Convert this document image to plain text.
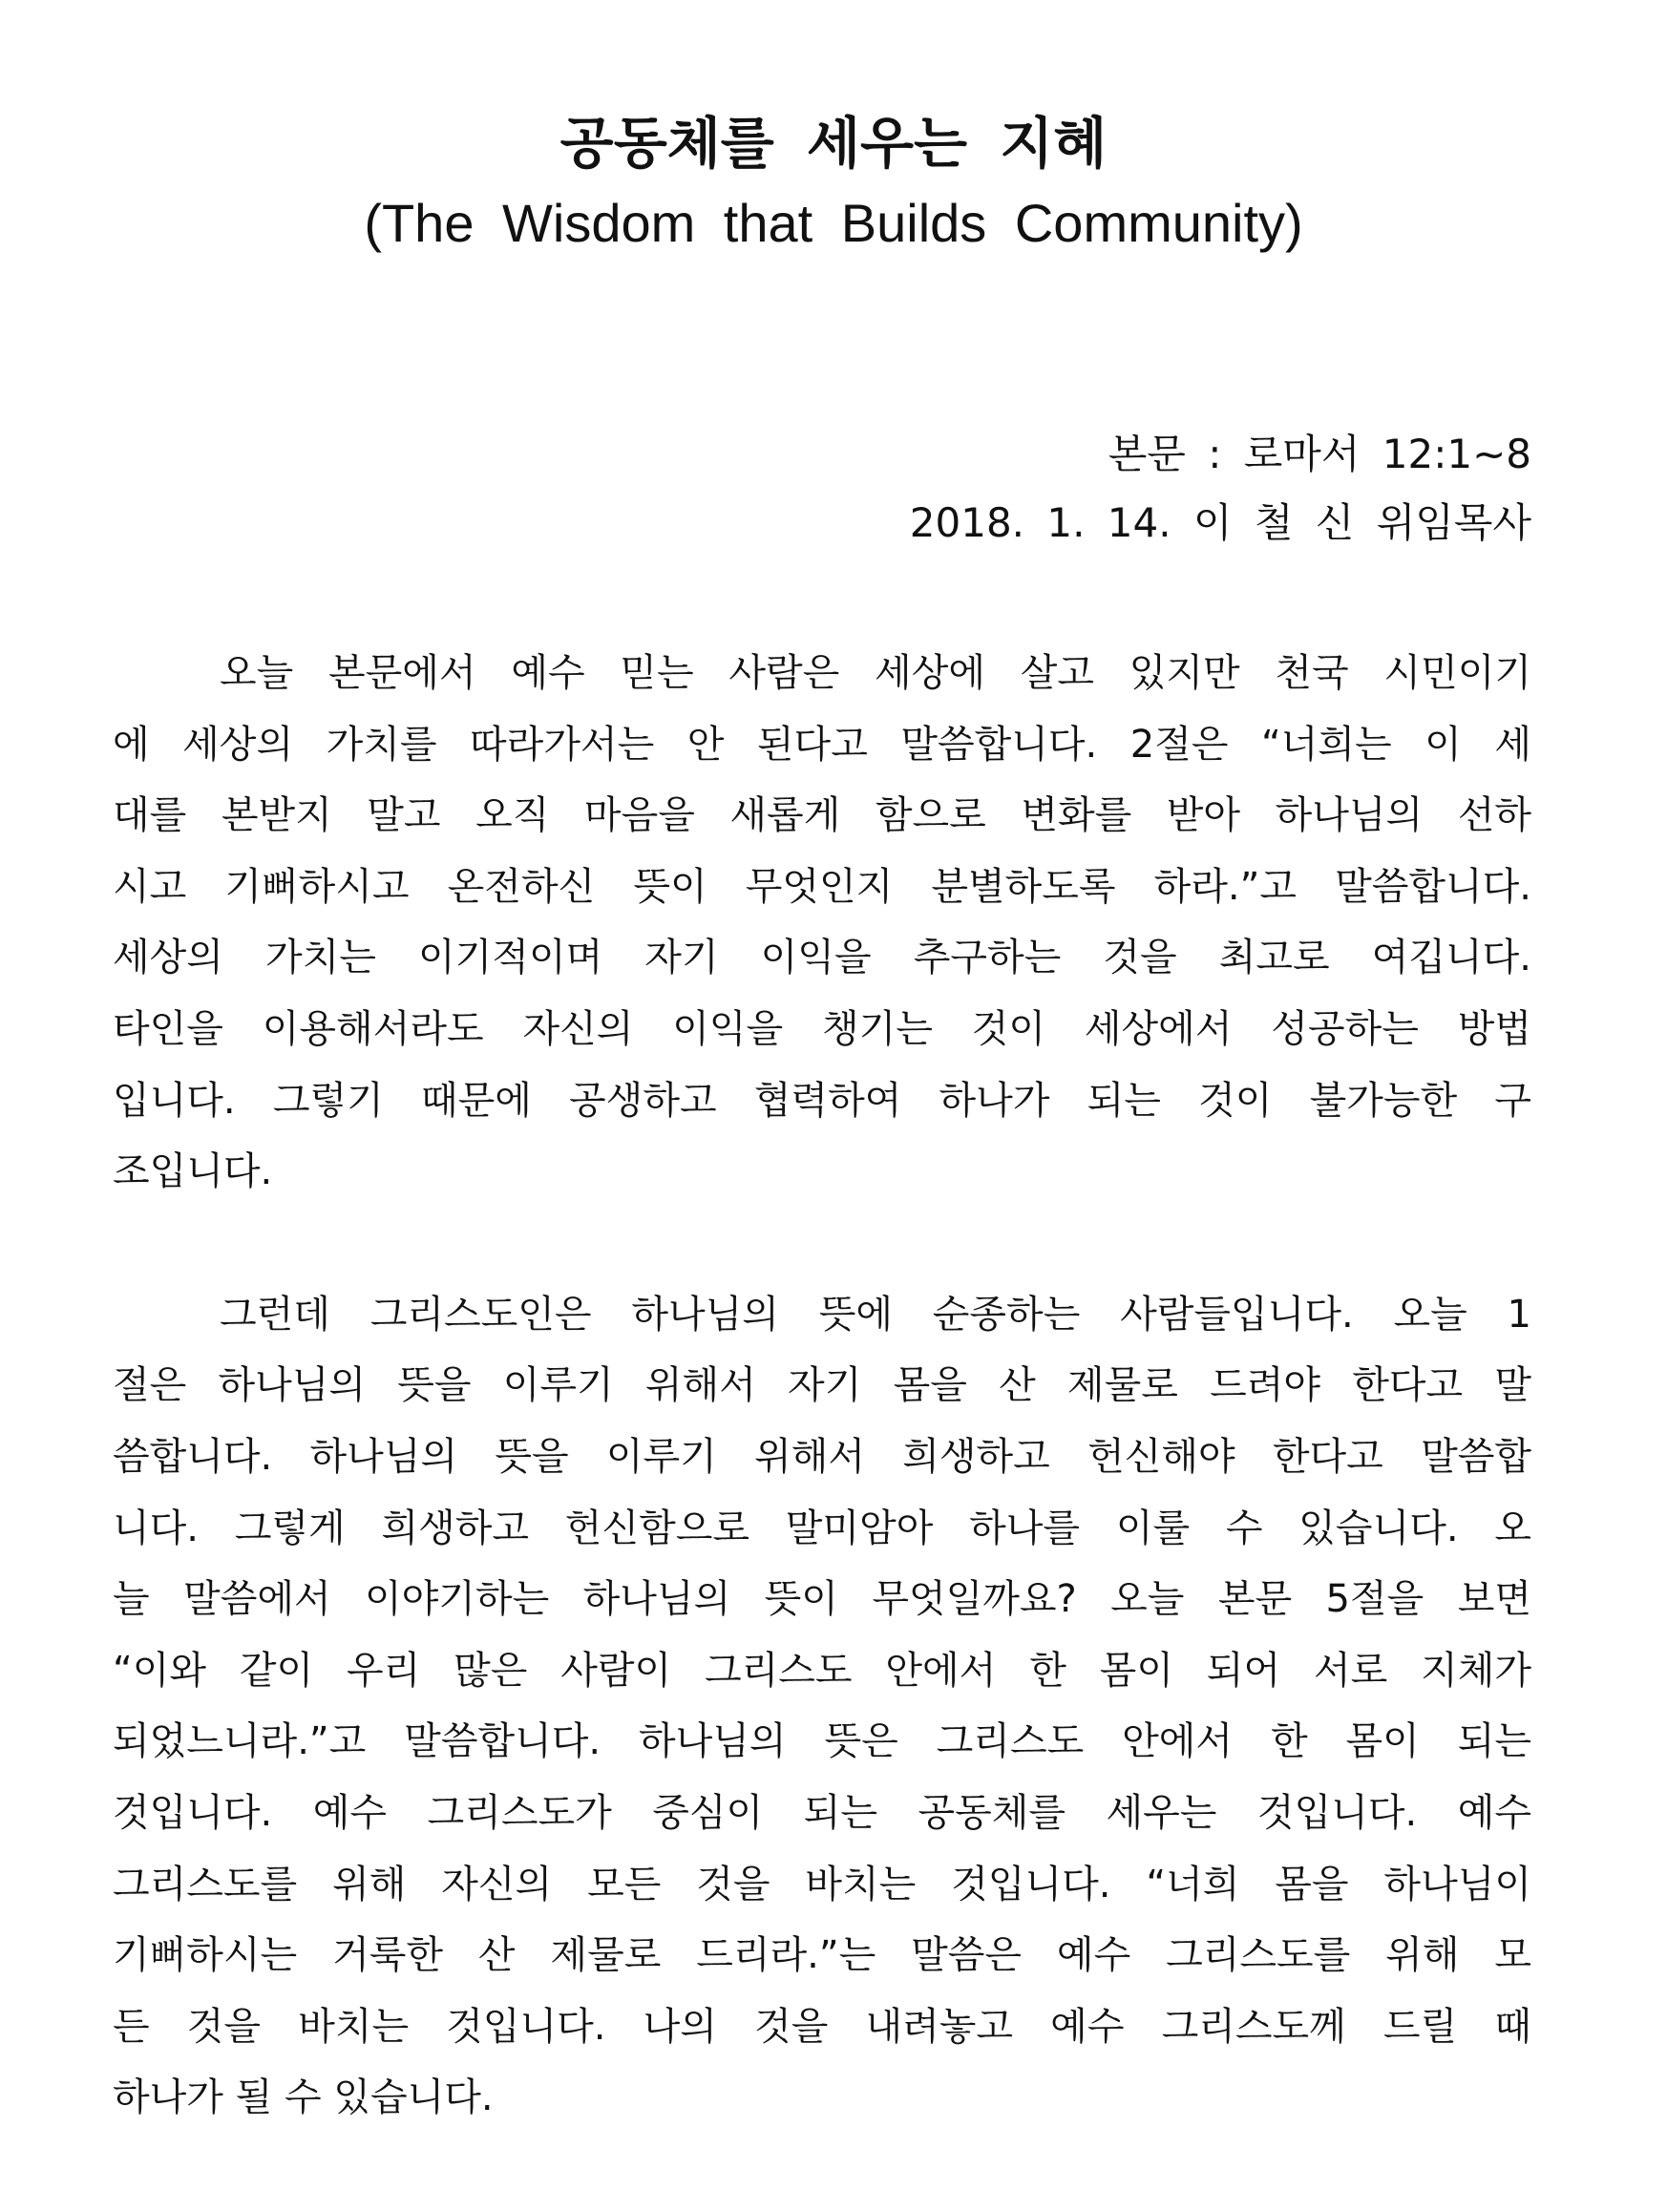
공동체를 세우는 지혜

(The Wisdom that Builds Community)

본문 : 로마서 12:1~8
2018. 1. 14. 이 철 신 위임목사
오늘 본문에서 예수 믿는 사람은 세상에 살고 있지만 천국 시민이기
에 세상의 가치를 따라가서는 안 된다고 말씀합니다. 2절은 “너희는 이 세
대를 본받지 말고 오직 마음을 새롭게 함으로 변화를 받아 하나님의 선하
시고 기뻐하시고 온전하신 뜻이 무엇인지 분별하도록 하라.”고 말씀합니다.
세상의 가치는 이기적이며 자기 이익을 추구하는 것을 최고로 여깁니다.
타인을 이용해서라도 자신의 이익을 챙기는 것이 세상에서 성공하는 방법
입니다. 그렇기 때문에 공생하고 협력하여 하나가 되는 것이 불가능한 구
조입니다.
그런데 그리스도인은 하나님의 뜻에 순종하는 사람들입니다. 오늘 1
절은 하나님의 뜻을 이루기 위해서 자기 몸을 산 제물로 드려야 한다고 말
씀합니다. 하나님의 뜻을 이루기 위해서 희생하고 헌신해야 한다고 말씀합
니다. 그렇게 희생하고 헌신함으로 말미암아 하나를 이룰 수 있습니다. 오
늘 말씀에서 이야기하는 하나님의 뜻이 무엇일까요? 오늘 본문 5절을 보면
“이와 같이 우리 많은 사람이 그리스도 안에서 한 몸이 되어 서로 지체가
되었느니라.”고 말씀합니다. 하나님의 뜻은 그리스도 안에서 한 몸이 되는
것입니다. 예수 그리스도가 중심이 되는 공동체를 세우는 것입니다. 예수
그리스도를 위해 자신의 모든 것을 바치는 것입니다. “너희 몸을 하나님이
기뻐하시는 거룩한 산 제물로 드리라.”는 말씀은 예수 그리스도를 위해 모
든 것을 바치는 것입니다. 나의 것을 내려놓고 예수 그리스도께 드릴 때
하나가 될 수 있습니다.
